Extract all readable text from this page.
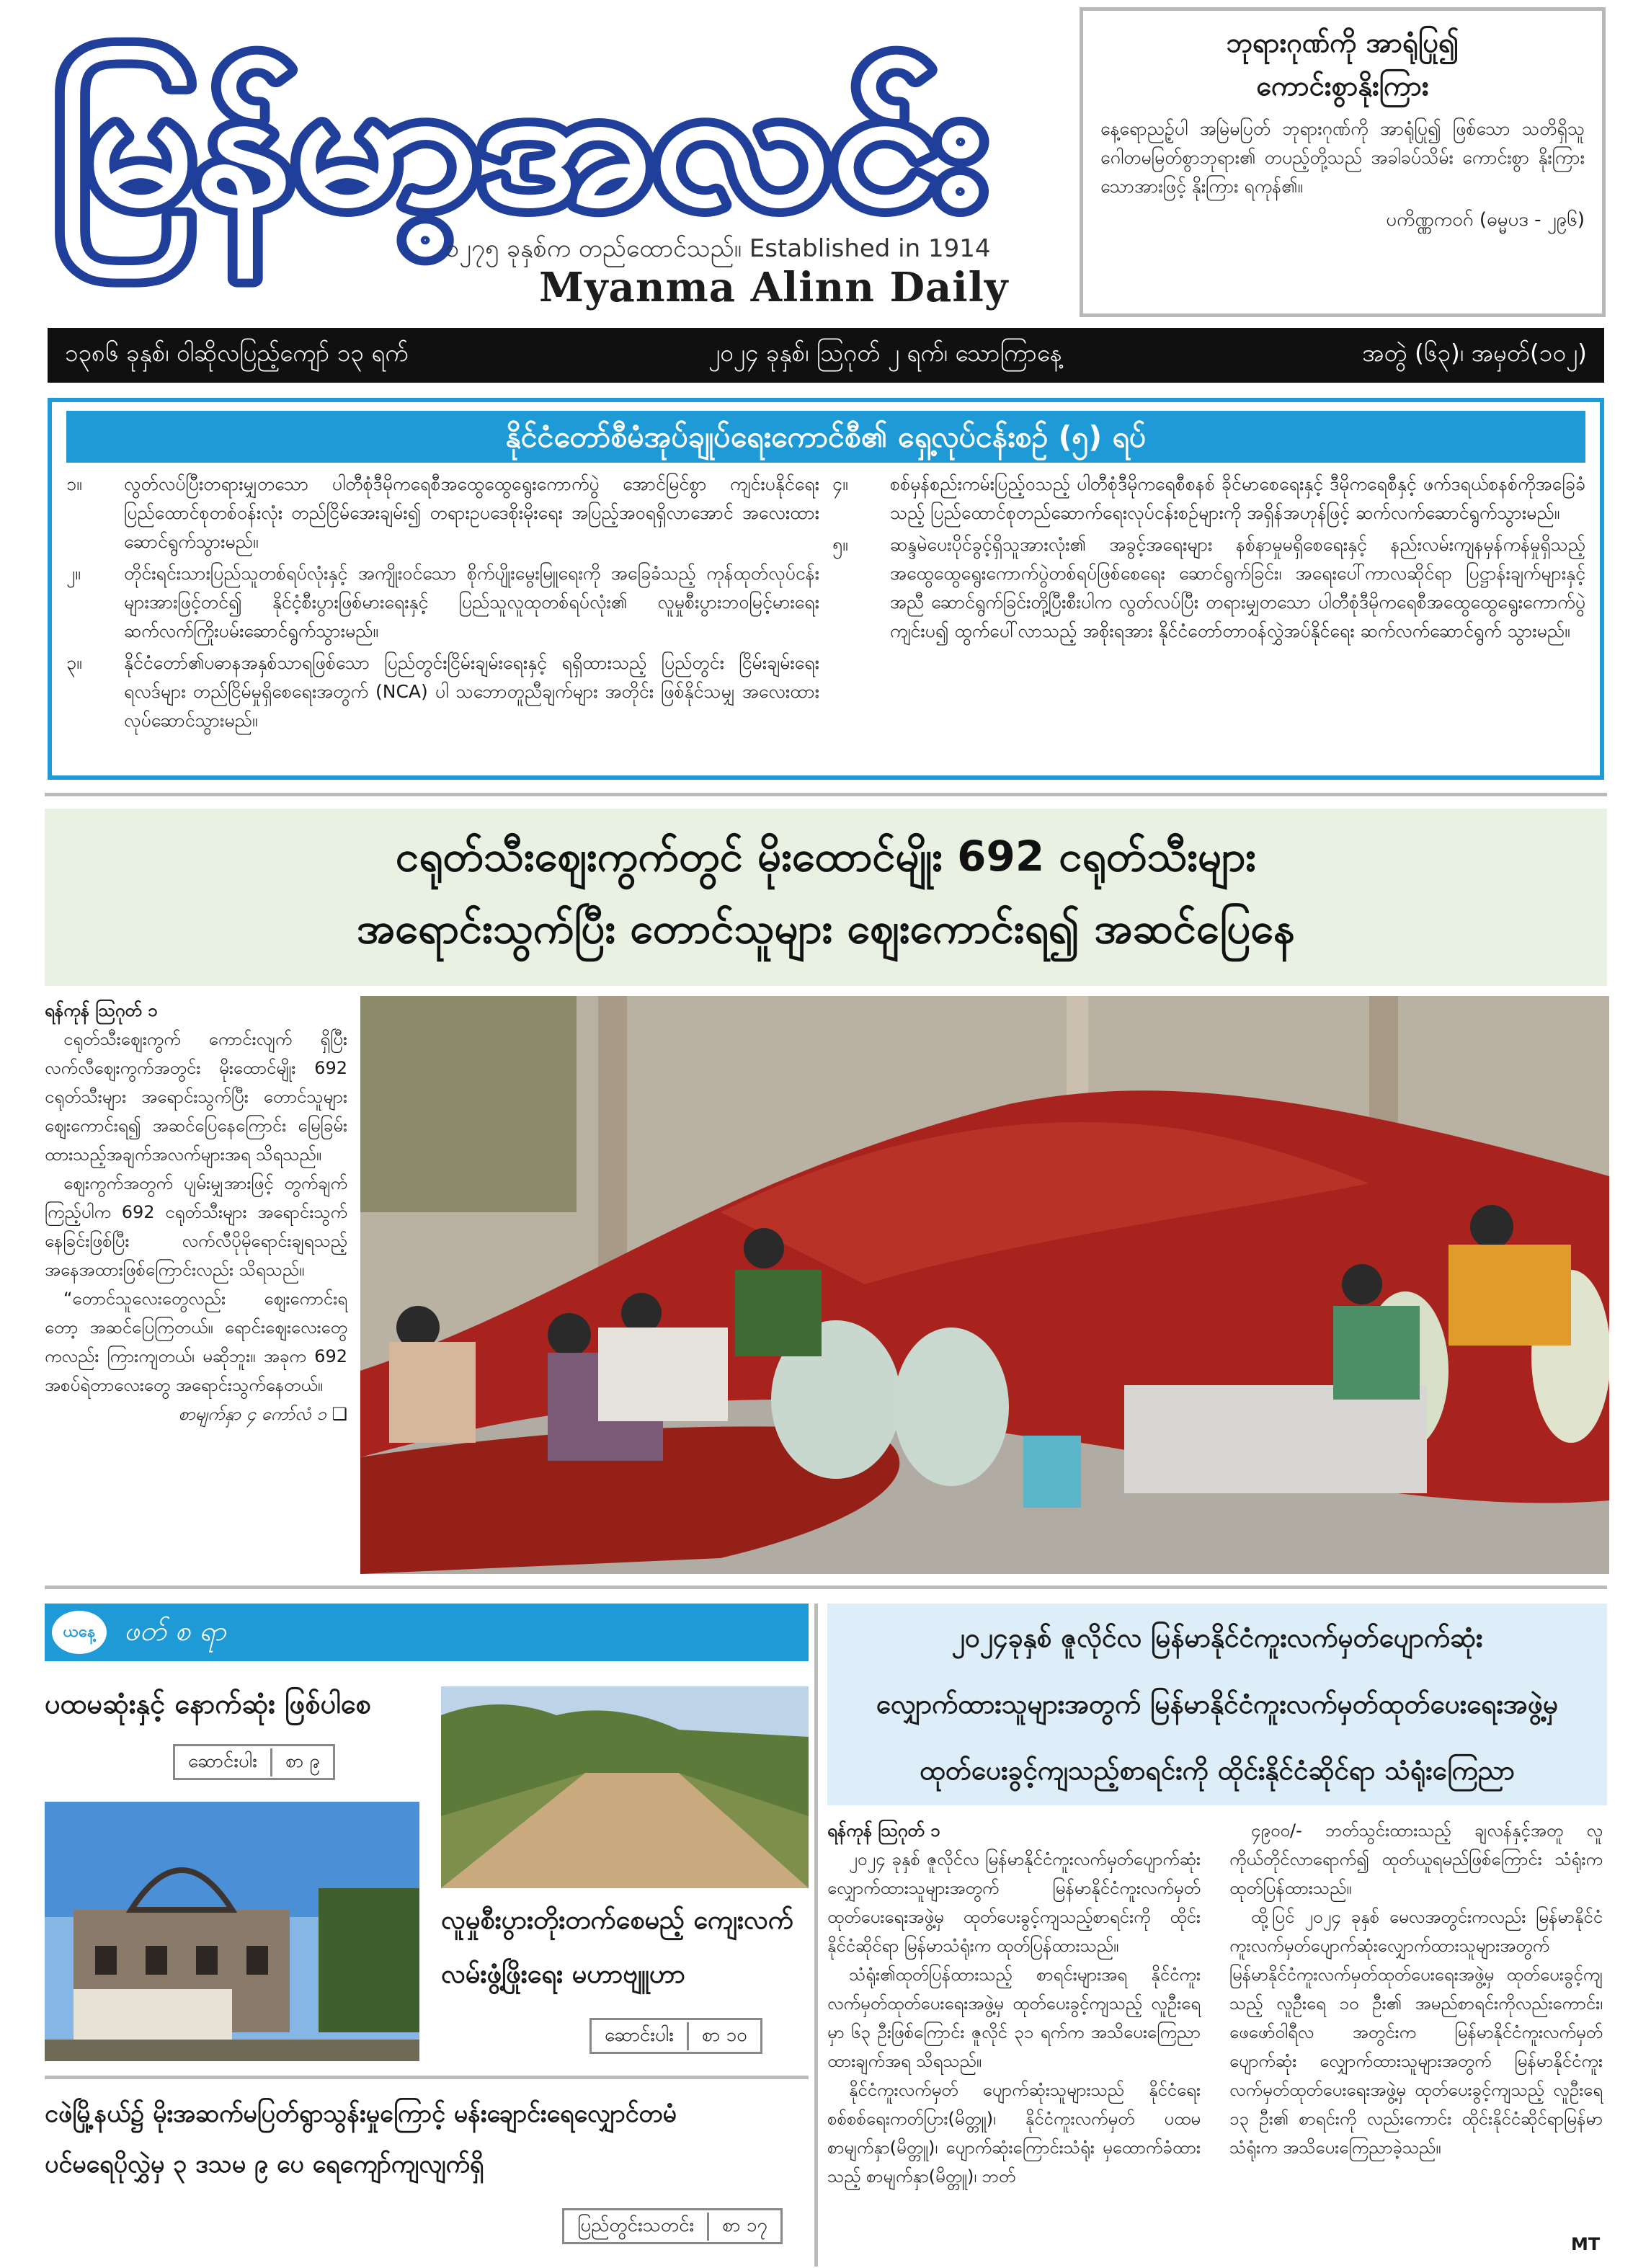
မြန်မာ့အလင်း
၁၂၇၅ ခုနှစ်က တည်ထောင်သည်။ Established in 1914
Myanma Alinn Daily
ဘုရားဂုဏ်ကို အာရုံပြု၍
ကောင်းစွာနိုးကြား
နေ့ရောညဉ့်ပါ အမြဲမပြတ် ဘုရားဂုဏ်ကို အာရုံပြု၍ ဖြစ်သော သတိရှိသူ ဂေါတမမြတ်စွာဘုရား၏ တပည့်တို့သည် အခါခပ်သိမ်း ကောင်းစွာ နိုးကြားသောအားဖြင့် နိုးကြား ရကုန်၏။
ပကိဏ္ဏကဝဂ် (ဓမ္မပဒ - ၂၉၆)
၁၃၈၆ ခုနှစ်၊ ဝါဆိုလပြည့်ကျော် ၁၃ ရက်	၂၀၂၄ ခုနှစ်၊ ဩဂုတ် ၂ ရက်၊ သောကြာနေ့	အတွဲ (၆၃)၊ အမှတ်(၁၀၂)
နိုင်ငံတော်စီမံအုပ်ချုပ်ရေးကောင်စီ၏ ရှေ့လုပ်ငန်းစဉ် (၅) ရပ်
၁။	လွတ်လပ်ပြီးတရားမျှတသော ပါတီစုံဒီမိုကရေစီအထွေထွေရွေးကောက်ပွဲ အောင်မြင်စွာ ကျင်းပနိုင်ရေး ပြည်ထောင်စုတစ်ဝန်းလုံး တည်ငြိမ်အေးချမ်း၍ တရားဥပဒေစိုးမိုးရေး အပြည့်အဝရရှိလာအောင် အလေးထားဆောင်ရွက်သွားမည်။
၂။	တိုင်းရင်းသားပြည်သူတစ်ရပ်လုံးနှင့် အကျိုးဝင်သော စိုက်ပျိုးမွေးမြူရေးကို အခြေခံသည့် ကုန်ထုတ်လုပ်ငန်းများအားဖြင့်တင်၍ နိုင်ငံ့စီးပွားဖြစ်မားရေးနှင့် ပြည်သူလူထုတစ်ရပ်လုံး၏ လူမှုစီးပွားဘဝမြင့်မားရေး ဆက်လက်ကြိုးပမ်းဆောင်ရွက်သွားမည်။
၃။	နိုင်ငံတော်၏ပဓာနအနှစ်သာရဖြစ်သော ပြည်တွင်းငြိမ်းချမ်းရေးနှင့် ရရှိထားသည့် ပြည်တွင်း ငြိမ်းချမ်းရေးရလဒ်များ တည်ငြိမ်မှုရှိစေရေးအတွက် (NCA) ပါ သဘောတူညီချက်များ အတိုင်း ဖြစ်နိုင်သမျှ အလေးထားလုပ်ဆောင်သွားမည်။
၄။	စစ်မှန်စည်းကမ်းပြည့်ဝသည့် ပါတီစုံဒီမိုကရေစီစနစ် ခိုင်မာစေရေးနှင့် ဒီမိုကရေစီနှင့် ဖက်ဒရယ်စနစ်ကိုအခြေခံသည့် ပြည်ထောင်စုတည်ဆောက်ရေးလုပ်ငန်းစဉ်များကို အရှိန်အဟုန်ဖြင့် ဆက်လက်ဆောင်ရွက်သွားမည်။
၅။	ဆန္ဒမဲပေးပိုင်ခွင့်ရှိသူအားလုံး၏ အခွင့်အရေးများ နစ်နာမှုမရှိစေရေးနှင့် နည်းလမ်းကျနမှန်ကန်မှုရှိသည့် အထွေထွေရွေးကောက်ပွဲတစ်ရပ်ဖြစ်စေရေး ဆောင်ရွက်ခြင်း၊ အရေးပေါ်ကာလဆိုင်ရာ ပြဋ္ဌာန်းချက်များနှင့်အညီ ဆောင်ရွက်ခြင်းတို့ပြီးစီးပါက လွတ်လပ်ပြီး တရားမျှတသော ပါတီစုံဒီမိုကရေစီအထွေထွေရွေးကောက်ပွဲ ကျင်းပ၍ ထွက်ပေါ်လာသည့် အစိုးရအား နိုင်ငံတော်တာဝန်လွှဲအပ်နိုင်ရေး ဆက်လက်ဆောင်ရွက် သွားမည်။
ငရုတ်သီးဈေးကွက်တွင် မိုးထောင်မျိုး 692 ငရုတ်သီးများ
အရောင်းသွက်ပြီး တောင်သူများ ဈေးကောင်းရ၍ အဆင်ပြေနေ

ရန်ကုန် ဩဂုတ် ၁

ငရုတ်သီးဈေးကွက် ကောင်းလျက် ရှိပြီး လက်လီဈေးကွက်အတွင်း မိုးထောင်မျိုး 692 ငရုတ်သီးများ အရောင်းသွက်ပြီး တောင်သူများဈေးကောင်းရ၍ အဆင်ပြေနေကြောင်း မြေခြမ်းထားသည့်အချက်အလက်များအရ သိရသည်။

ဈေးကွက်အတွက် ပျမ်းမျှအားဖြင့် တွက်ချက်ကြည့်ပါက 692 ငရုတ်သီးများ အရောင်းသွက်နေခြင်းဖြစ်ပြီး လက်လီပိုမိုရောင်းချရသည့် အနေအထားဖြစ်ကြောင်းလည်း သိရသည်။

“တောင်သူလေးတွေလည်း ဈေးကောင်းရတော့ အဆင်ပြေကြတယ်။ ရောင်းဈေးလေးတွေကလည်း ကြားကျတယ်၊ မဆိုဘူး။ အခုက 692 အစပ်ရဲတာလေးတွေ အရောင်းသွက်နေတယ်။

စာမျက်နှာ ၄ ကော်လံ ၁ ❏

ယနေ့	ဖတ် စ ရာ
ပထမဆုံးနှင့် နောက်ဆုံး ဖြစ်ပါစေ
ဆောင်းပါး	စာ ၉
လူမှုစီးပွားတိုးတက်စေမည့် ကျေးလက်
လမ်းဖွံ့ဖြိုးရေး မဟာဗျူဟာ
ဆောင်းပါး	စာ ၁၀
ငဖဲမြို့နယ်၌ မိုးအဆက်မပြတ်ရွာသွန်းမှုကြောင့် မန်းချောင်းရေလျှောင်တမံ
ပင်မရေပိုလွှဲမှ ၃ ဒသမ ၉ ပေ ရေကျော်ကျလျက်ရှိ
ပြည်တွင်းသတင်း	စာ ၁၇
၂၀၂၄ခုနှစ် ဇူလိုင်လ မြန်မာနိုင်ငံကူးလက်မှတ်ပျောက်ဆုံး
လျှောက်ထားသူများအတွက် မြန်မာနိုင်ငံကူးလက်မှတ်ထုတ်ပေးရေးအဖွဲ့မှ
ထုတ်ပေးခွင့်ကျသည့်စာရင်းကို ထိုင်းနိုင်ငံဆိုင်ရာ သံရုံးကြေညာ

ရန်ကုန် ဩဂုတ် ၁

၂၀၂၄ ခုနှစ် ဇူလိုင်လ မြန်မာနိုင်ငံကူးလက်မှတ်ပျောက်ဆုံးလျှောက်ထားသူများအတွက် မြန်မာနိုင်ငံကူးလက်မှတ်ထုတ်ပေးရေးအဖွဲ့မှ ထုတ်ပေးခွင့်ကျသည့်စာရင်းကို ထိုင်းနိုင်ငံဆိုင်ရာ မြန်မာသံရုံးက ထုတ်ပြန်ထားသည်။

သံရုံး၏ထုတ်ပြန်ထားသည့် စာရင်းများအရ နိုင်ငံကူးလက်မှတ်ထုတ်ပေးရေးအဖွဲ့မှ ထုတ်ပေးခွင့်ကျသည့် လူဦးရေမှာ ၆၃ ဦးဖြစ်ကြောင်း ဇူလိုင် ၃၁ ရက်က အသိပေးကြေညာထားချက်အရ သိရသည်။

နိုင်ငံကူးလက်မှတ် ပျောက်ဆုံးသူများသည် နိုင်ငံရေးစစ်စစ်ရေးကတ်ပြား(မိတ္တူ)၊ နိုင်ငံကူးလက်မှတ် ပထမစာမျက်နှာ(မိတ္တူ)၊ ပျောက်ဆုံးကြောင်းသံရုံး မှထောက်ခံထားသည့် စာမျက်နှာ(မိတ္တူ)၊ ဘတ်

၄၉၀၀/- ဘတ်သွင်းထားသည့် ချလန်နှင့်အတူ လူကိုယ်တိုင်လာရောက်၍ ထုတ်ယူရမည်ဖြစ်ကြောင်း သံရုံးက ထုတ်ပြန်ထားသည်။

ထို့ပြင် ၂၀၂၄ ခုနှစ် မေလအတွင်းကလည်း မြန်မာနိုင်ငံကူးလက်မှတ်ပျောက်ဆုံးလျှောက်ထားသူများအတွက် မြန်မာနိုင်ငံကူးလက်မှတ်ထုတ်ပေးရေးအဖွဲ့မှ ထုတ်ပေးခွင့်ကျသည့် လူဦးရေ ၁၀ ဦး၏ အမည်စာရင်းကိုလည်းကောင်း၊ ဖေဖော်ဝါရီလ အတွင်းက မြန်မာနိုင်ငံကူးလက်မှတ်ပျောက်ဆုံး လျှောက်ထားသူများအတွက် မြန်မာနိုင်ငံကူးလက်မှတ်ထုတ်ပေးရေးအဖွဲ့မှ ထုတ်ပေးခွင့်ကျသည့် လူဦးရေ ၁၃ ဦး၏ စာရင်းကို လည်းကောင်း ထိုင်းနိုင်ငံဆိုင်ရာမြန်မာသံရုံးက အသိပေးကြေညာခဲ့သည်။

MT
